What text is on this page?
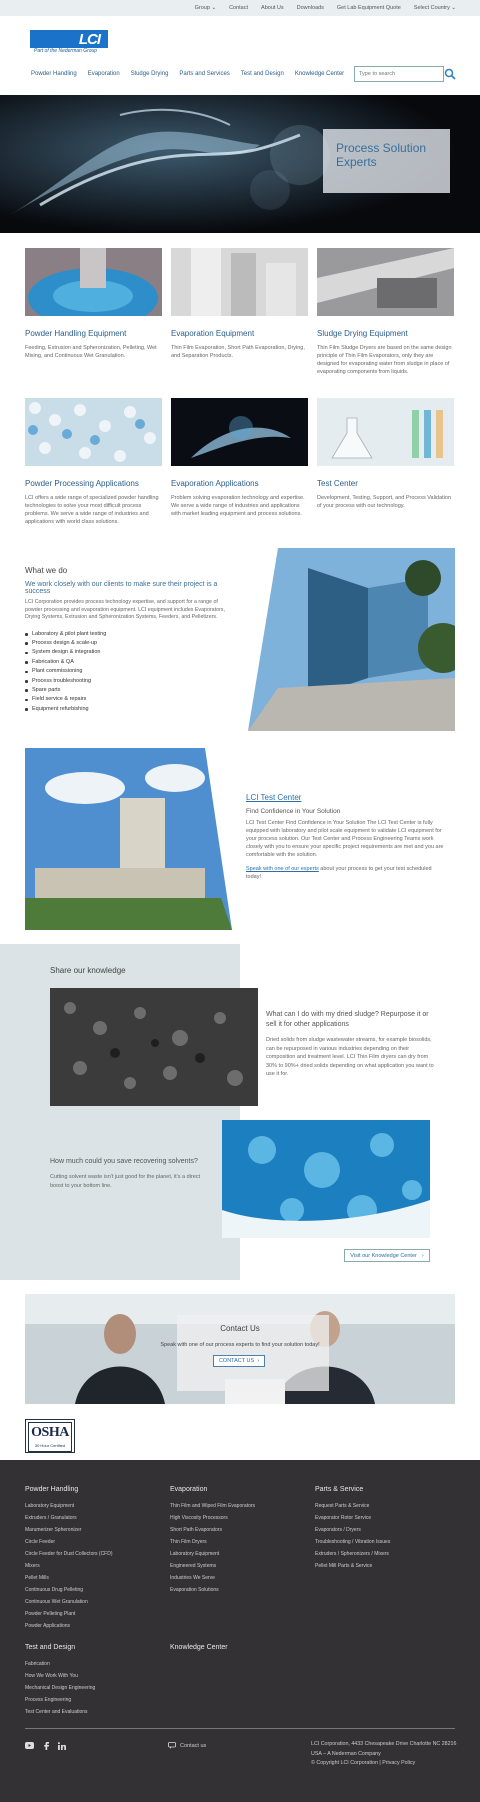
Group ⌄ Contact About Us Downloads Get Lab Equipment Quote Select Country ⌄
LCI
Part of the Nederman Group
Powder Handling Evaporation Sludge Drying Parts and Services Test and Design Knowledge Center
Type to search
Process Solution Experts
Powder Handling Equipment

Feeding, Extrusion and Spheronization, Pelleting, Wet Mixing, and Continuous Wet Granulation.

Evaporation Equipment

Thin Film Evaporation, Short Path Evaporation, Drying, and Separation Products.

Sludge Drying Equipment

Thin Film Sludge Dryers are based on the same design principle of Thin Film Evaporators, only they are designed for evaporating water from sludge in place of evaporating components from liquids.

Powder Processing Applications

LCI offers a wide range of specialized powder handling technologies to solve your most difficult process problems. We serve a wide range of industries and applications with world class solutions.

Evaporation Applications

Problem solving evaporation technology and expertise. We serve a wide range of industries and applications with market leading equipment and process solutions.

Test Center

Development, Testing, Support, and Process Validation of your process with our technology.

What we do
We work closely with our clients to make sure their project is a success

LCI Corporation provides process technology expertise, and support for a range of powder processing and evaporation equipment. LCI equipment includes Evaporators, Drying Systems, Extrusion and Spheronization Systems, Feeders, and Pelletizers.

Laboratory & pilot plant testing
Process design & scale-up
System design & integration
Fabrication & QA
Plant commissioning
Process troubleshooting
Spare parts
Field service & repairs
Equipment refurbishing
LCI Test Center
Find Confidence in Your Solution

LCI Test Center Find Confidence in Your Solution The LCI Test Center is fully equipped with laboratory and pilot scale equipment to validate LCI equipment for your process solution. Our Test Center and Process Engineering Teams work closely with you to ensure your specific project requirements are met and you are comfortable with the solution.

Speak with one of our experts about your process to get your test scheduled today!

Share our knowledge
What can I do with my dried sludge? Repurpose it or sell it for other applications

Dried solids from sludge wastewater streams, for example biosolids, can be repurposed in various industries depending on their composition and treatment level. LCI Thin Film dryers can dry from 30% to 90%+ dried solids depending on what application you want to use it for.

How much could you save recovering solvents?

Cutting solvent waste isn't just good for the planet, it's a direct boost to your bottom line.

Visit our Knowledge Center ›
Contact Us

Speak with one of our process experts to find your solution today!

CONTACT US ›
OSHA
30 Hour Certified
Powder Handling
Laboratory Equipment
Extruders / Granulators
Marumerizer Spheronizer
Circle Feeder
Circle Feeder for Dust Collectors (CFD)
Mixers
Pellet Mills
Continuous Drug Pelleting
Continuous Wet Granulation
Powder Pelleting Plant
Powder Applications
Evaporation
Thin Film and Wiped Film Evaporators
High Viscosity Processors
Short Path Evaporators
Thin Film Dryers
Laboratory Equipment
Engineered Systems
Industries We Serve
Evaporation Solutions
Parts & Service
Request Parts & Service
Evaporator Rotor Service
Evaporators / Dryers
Troubleshooting / Vibration Issues
Extruders / Spheronizers / Mixers
Pellet Mill Parts & Service
Test and Design
Fabrication
How We Work With You
Mechanical Design Engineering
Process Engineering
Test Center and Evaluations
Knowledge Center
Contact us	LCI Corporation, 4433 Chesapeake Drive Charlotte NC 28216
USA – A Nederman Company
© Copyright LCI Corporation | Privacy Policy
